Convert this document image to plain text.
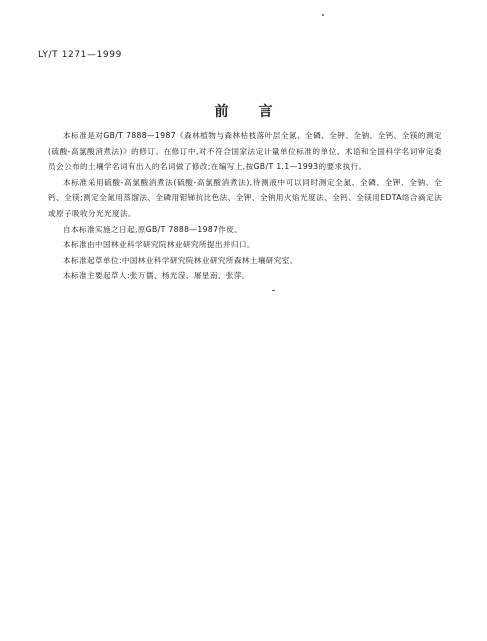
LY/T 1271—1999
前言

本标准是对GB/T 7888—1987《森林植物与森林枯枝落叶层全氮、全磷、全钾、全钠、全钙、全镁的测定(硫酸-高氯酸消煮法)》的修订。在修订中,对不符合国家法定计量单位标准的单位、术语和全国科学名词审定委员会公布的土壤学名词有出入的名词做了修改;在编写上,按GB/T 1.1—1993的要求执行。

本标准采用硫酸-高氯酸消煮法(硫酸-高氯酸消煮法),待测液中可以同时测定全氮、全磷、全钾、全钠、全钙、全镁;测定全氮用蒸馏法、全磷用钼锑抗比色法、全钾、全钠用火焰光度法、全钙、全镁用EDTA络合滴定法或原子吸收分光光度法。

自本标准实施之日起,原GB/T 7888—1987作废。

本标准由中国林业科学研究院林业研究所提出并归口。

本标准起草单位:中国林业科学研究院林业研究所森林土壤研究室。

本标准主要起草人:张万儒、杨光滢、屠星南、张萍。
